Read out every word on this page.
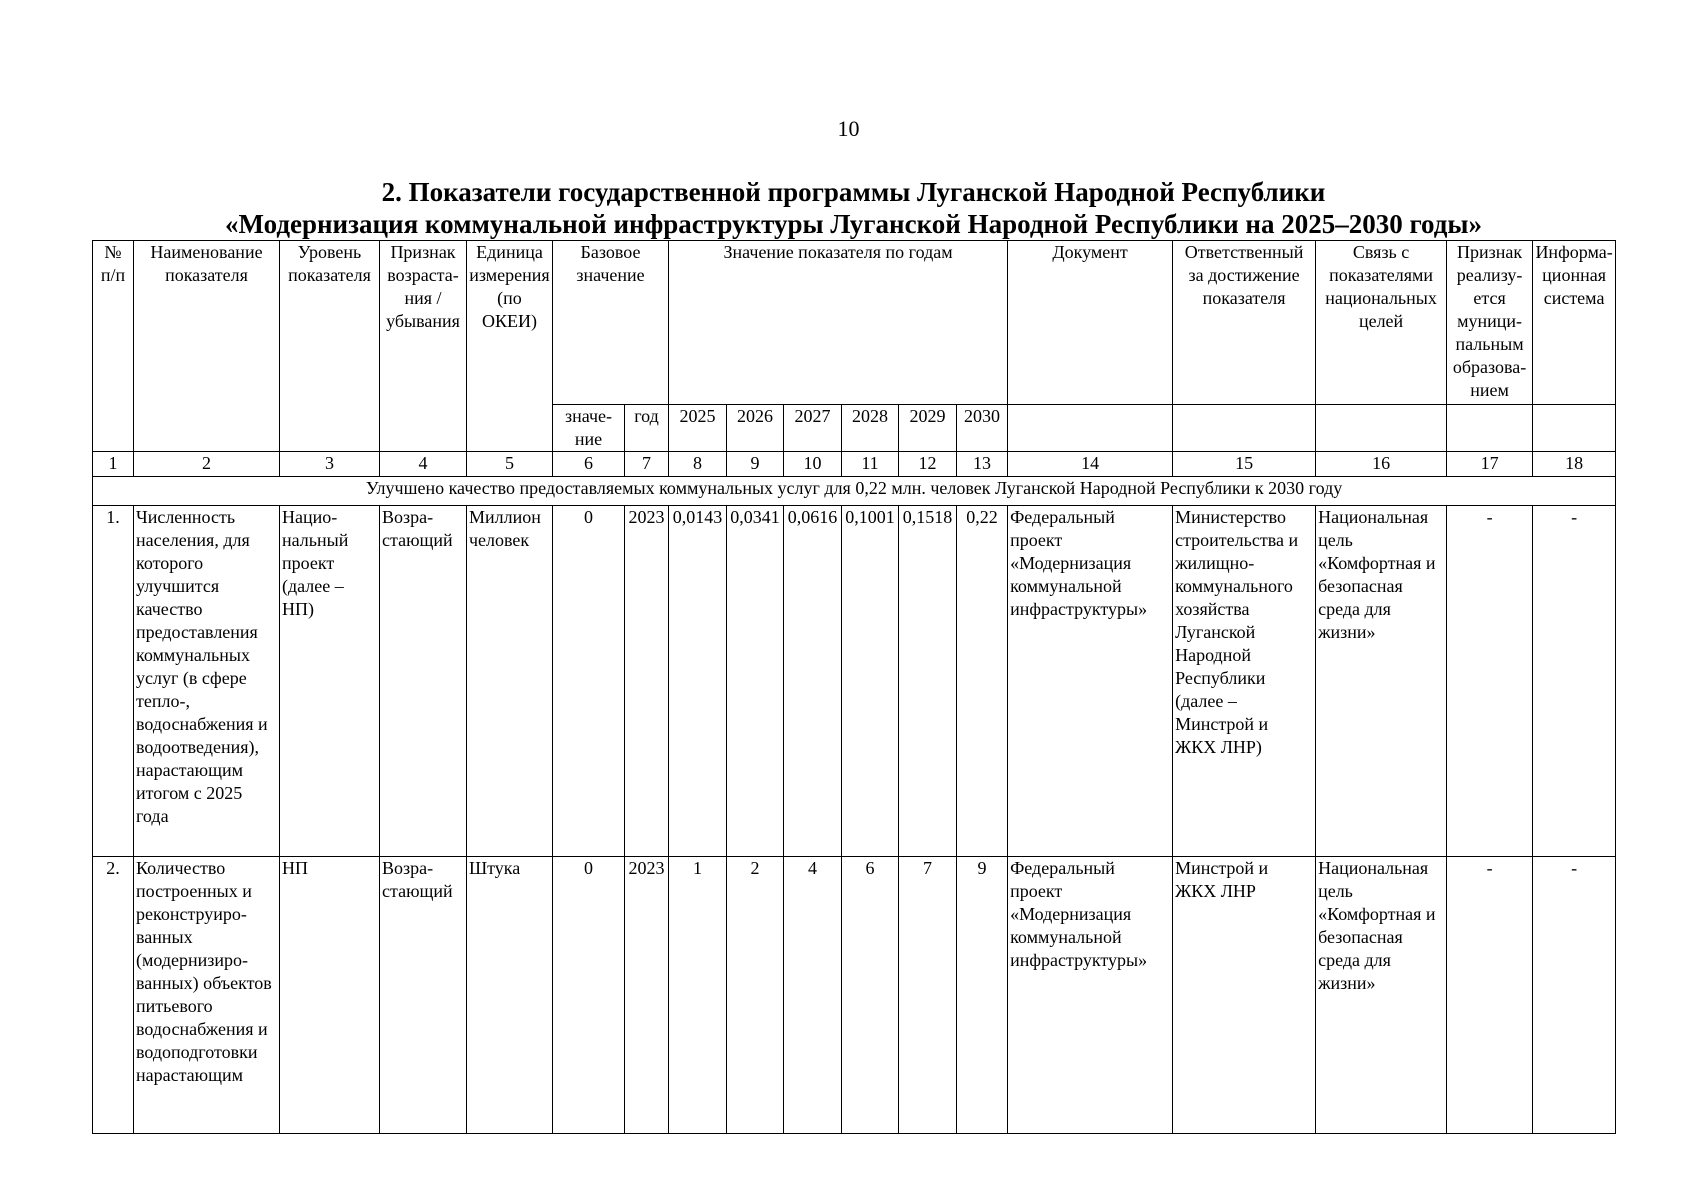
10
2. Показатели государственной программы Луганской Народной Республики
«Модернизация коммунальной инфраструктуры Луганской Народной Республики на 2025–2030 годы»
№ п/п	Наименование показателя	Уровень показателя	Признак возраста-ния / убывания	Единица измерения (по ОКЕИ)	Базовое значение		Значение показателя по годам						Документ	Ответственный за достижение показателя	Связь с показателями национальных целей	Признак реализу-ется муници-пальным образова-нием	Информа-ционная система
					значе-ние	год	2025	2026	2027	2028	2029	2030					
1	2	3	4	5	6	7	8	9	10	11	12	13	14	15	16	17	18
Улучшено качество предоставляемых коммунальных услуг для 0,22 млн. человек Луганской Народной Республики к 2030 году																	
1.	Численность населения, для которого улучшится качество предоставления коммунальных услуг (в сфере тепло-, водоснабжения и водоотведения), нарастающим итогом с 2025 года	Нацио-нальный проект (далее – НП)	Возра-стающий	Миллион человек	0	2023	0,0143	0,0341	0,0616	0,1001	0,1518	0,22	Федеральный проект «Модернизация коммунальной инфраструктуры»	Министерство строительства и жилищно-коммунального хозяйства Луганской Народной Республики (далее – Минстрой и ЖКХ ЛНР)	Национальная цель «Комфортная и безопасная среда для жизни»	-	-
2.	Количество построенных и реконструиро-ванных (модернизиро-ванных) объектов питьевого водоснабжения и водоподготовки нарастающим	НП	Возра-стающий	Штука	0	2023	1	2	4	6	7	9	Федеральный проект «Модернизация коммунальной инфраструктуры»	Минстрой и ЖКХ ЛНР	Национальная цель «Комфортная и безопасная среда для жизни»	-	-
